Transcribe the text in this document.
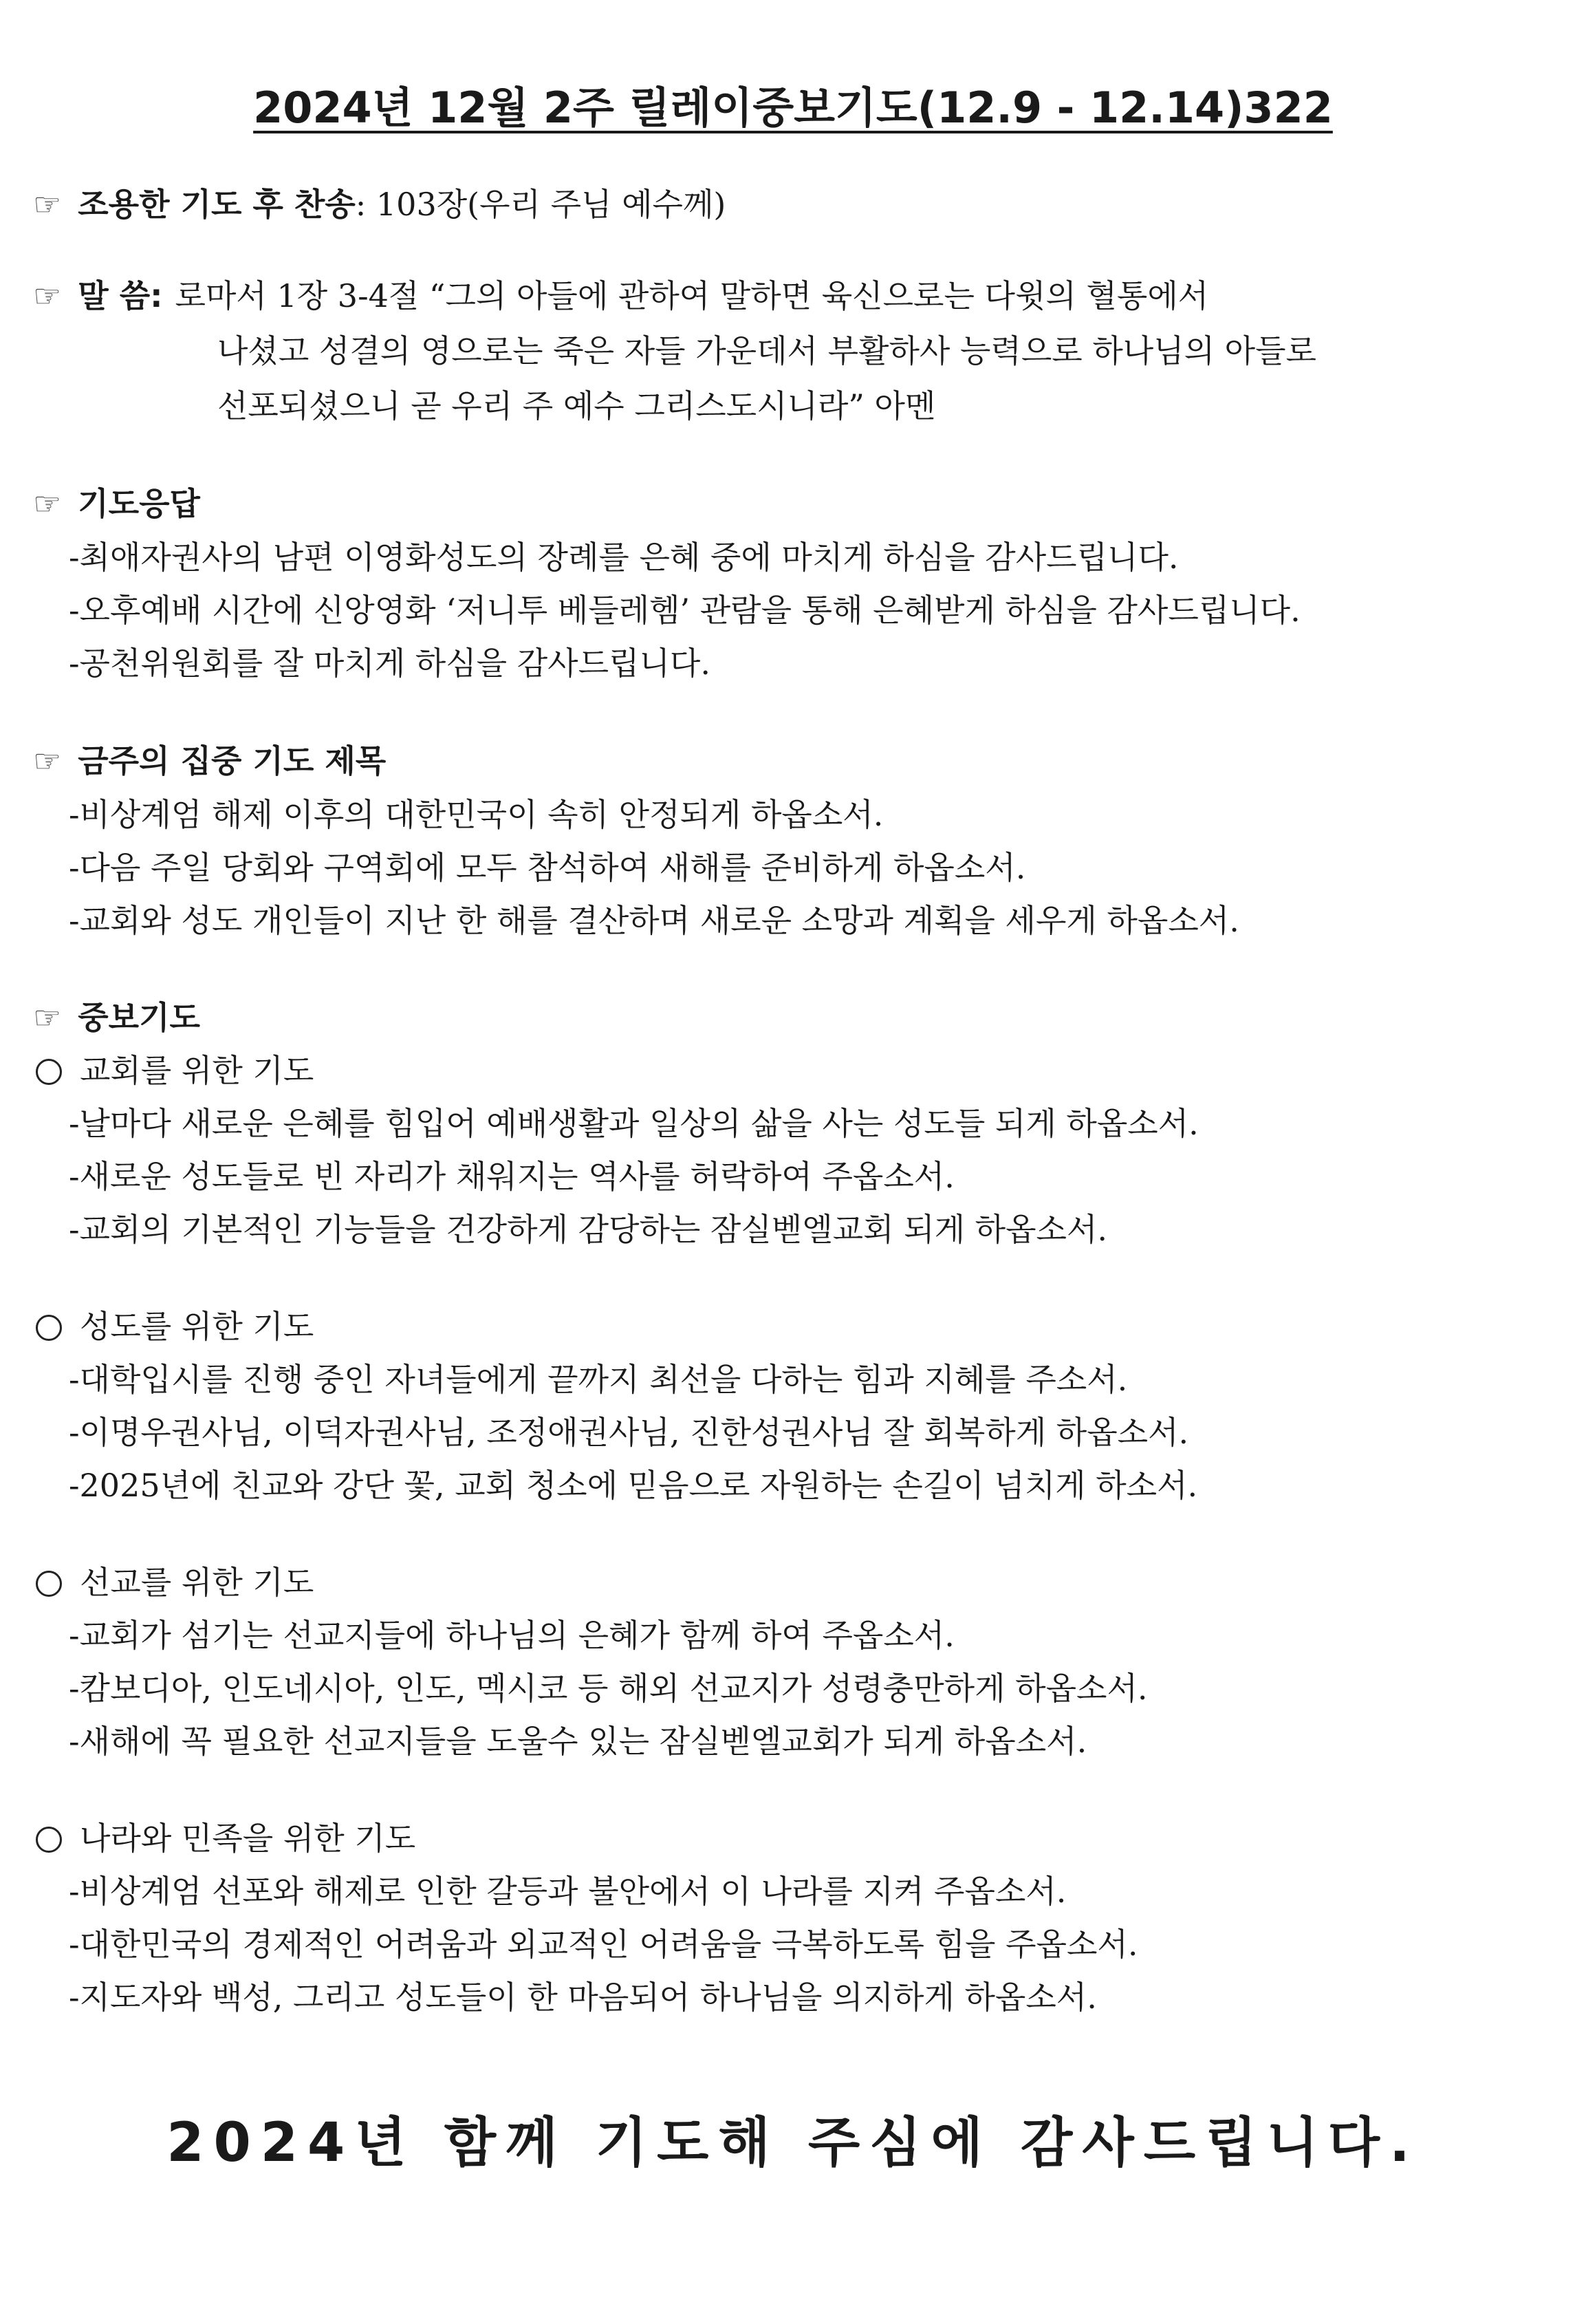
2024년 12월 2주 릴레이중보기도(12.9 - 12.14)322
☞ 조용한 기도 후 찬송: 103장(우리 주님 예수께)
☞ 말 씀: 로마서 1장 3-4절 “그의 아들에 관하여 말하면 육신으로는 다윗의 혈통에서
나셨고 성결의 영으로는 죽은 자들 가운데서 부활하사 능력으로 하나님의 아들로
선포되셨으니 곧 우리 주 예수 그리스도시니라” 아멘
☞ 기도응답
-최애자권사의 남편 이영화성도의 장례를 은혜 중에 마치게 하심을 감사드립니다.
-오후예배 시간에 신앙영화 ‘저니투 베들레헴’ 관람을 통해 은혜받게 하심을 감사드립니다.
-공천위원회를 잘 마치게 하심을 감사드립니다.
☞ 금주의 집중 기도 제목
-비상계엄 해제 이후의 대한민국이 속히 안정되게 하옵소서.
-다음 주일 당회와 구역회에 모두 참석하여 새해를 준비하게 하옵소서.
-교회와 성도 개인들이 지난 한 해를 결산하며 새로운 소망과 계획을 세우게 하옵소서.
☞ 중보기도
교회를 위한 기도
-날마다 새로운 은혜를 힘입어 예배생활과 일상의 삶을 사는 성도들 되게 하옵소서.
-새로운 성도들로 빈 자리가 채워지는 역사를 허락하여 주옵소서.
-교회의 기본적인 기능들을 건강하게 감당하는 잠실벧엘교회 되게 하옵소서.
성도를 위한 기도
-대학입시를 진행 중인 자녀들에게 끝까지 최선을 다하는 힘과 지혜를 주소서.
-이명우권사님, 이덕자권사님, 조정애권사님, 진한성권사님 잘 회복하게 하옵소서.
-2025년에 친교와 강단 꽃, 교회 청소에 믿음으로 자원하는 손길이 넘치게 하소서.
선교를 위한 기도
-교회가 섬기는 선교지들에 하나님의 은혜가 함께 하여 주옵소서.
-캄보디아, 인도네시아, 인도, 멕시코 등 해외 선교지가 성령충만하게 하옵소서.
-새해에 꼭 필요한 선교지들을 도울수 있는 잠실벧엘교회가 되게 하옵소서.
나라와 민족을 위한 기도
-비상계엄 선포와 해제로 인한 갈등과 불안에서 이 나라를 지켜 주옵소서.
-대한민국의 경제적인 어려움과 외교적인 어려움을 극복하도록 힘을 주옵소서.
-지도자와 백성, 그리고 성도들이 한 마음되어 하나님을 의지하게 하옵소서.
2024년 함께 기도해 주심에 감사드립니다.
